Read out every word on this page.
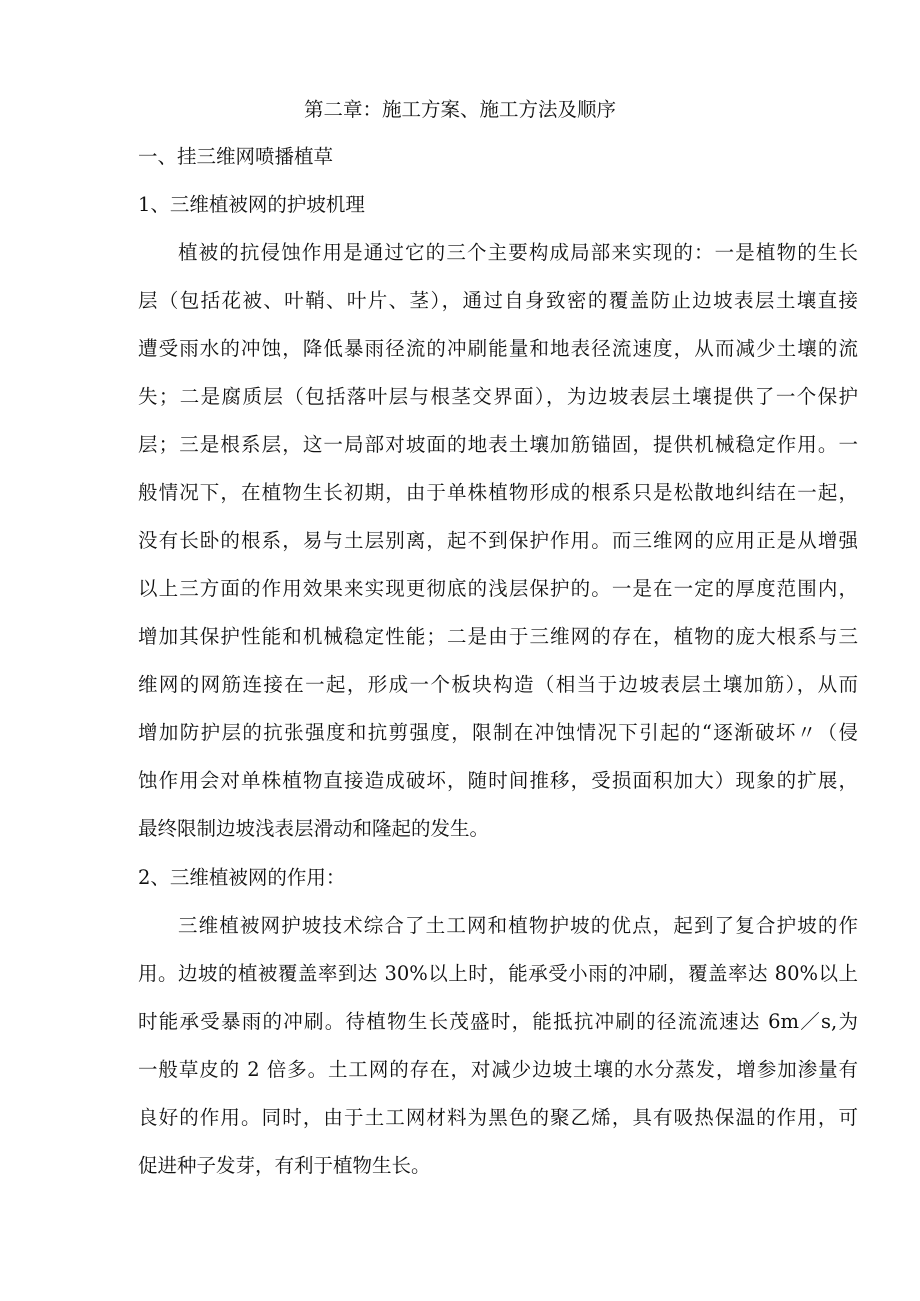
第二章：施工方案、施工方法及顺序
一、挂三维网喷播植草
1、三维植被网的护坡机理
植被的抗侵蚀作用是通过它的三个主要构成局部来实现的：一是植物的生长
层（包括花被、叶鞘、叶片、茎），通过自身致密的覆盖防止边坡表层土壤直接
遭受雨水的冲蚀，降低暴雨径流的冲刷能量和地表径流速度，从而减少土壤的流
失；二是腐质层（包括落叶层与根茎交界面），为边坡表层土壤提供了一个保护
层；三是根系层，这一局部对坡面的地表土壤加筋锚固，提供机械稳定作用。一
般情况下，在植物生长初期，由于单株植物形成的根系只是松散地纠结在一起，
没有长卧的根系，易与土层别离，起不到保护作用。而三维网的应用正是从增强
以上三方面的作用效果来实现更彻底的浅层保护的。一是在一定的厚度范围内，
增加其保护性能和机械稳定性能；二是由于三维网的存在，植物的庞大根系与三
维网的网筋连接在一起，形成一个板块构造（相当于边坡表层土壤加筋），从而
增加防护层的抗张强度和抗剪强度，限制在冲蚀情况下引起的“逐渐破坏〃（侵
蚀作用会对单株植物直接造成破坏，随时间推移，受损面积加大）现象的扩展，
最终限制边坡浅表层滑动和隆起的发生。
2、三维植被网的作用：
三维植被网护坡技术综合了土工网和植物护坡的优点，起到了复合护坡的作
用。边坡的植被覆盖率到达 30%以上时，能承受小雨的冲刷，覆盖率达 80%以上
时能承受暴雨的冲刷。待植物生长茂盛时，能抵抗冲刷的径流流速达 6m／s,为
一般草皮的 2 倍多。土工网的存在，对减少边坡土壤的水分蒸发，增参加渗量有
良好的作用。同时，由于土工网材料为黑色的聚乙烯，具有吸热保温的作用，可
促进种子发芽，有利于植物生长。
